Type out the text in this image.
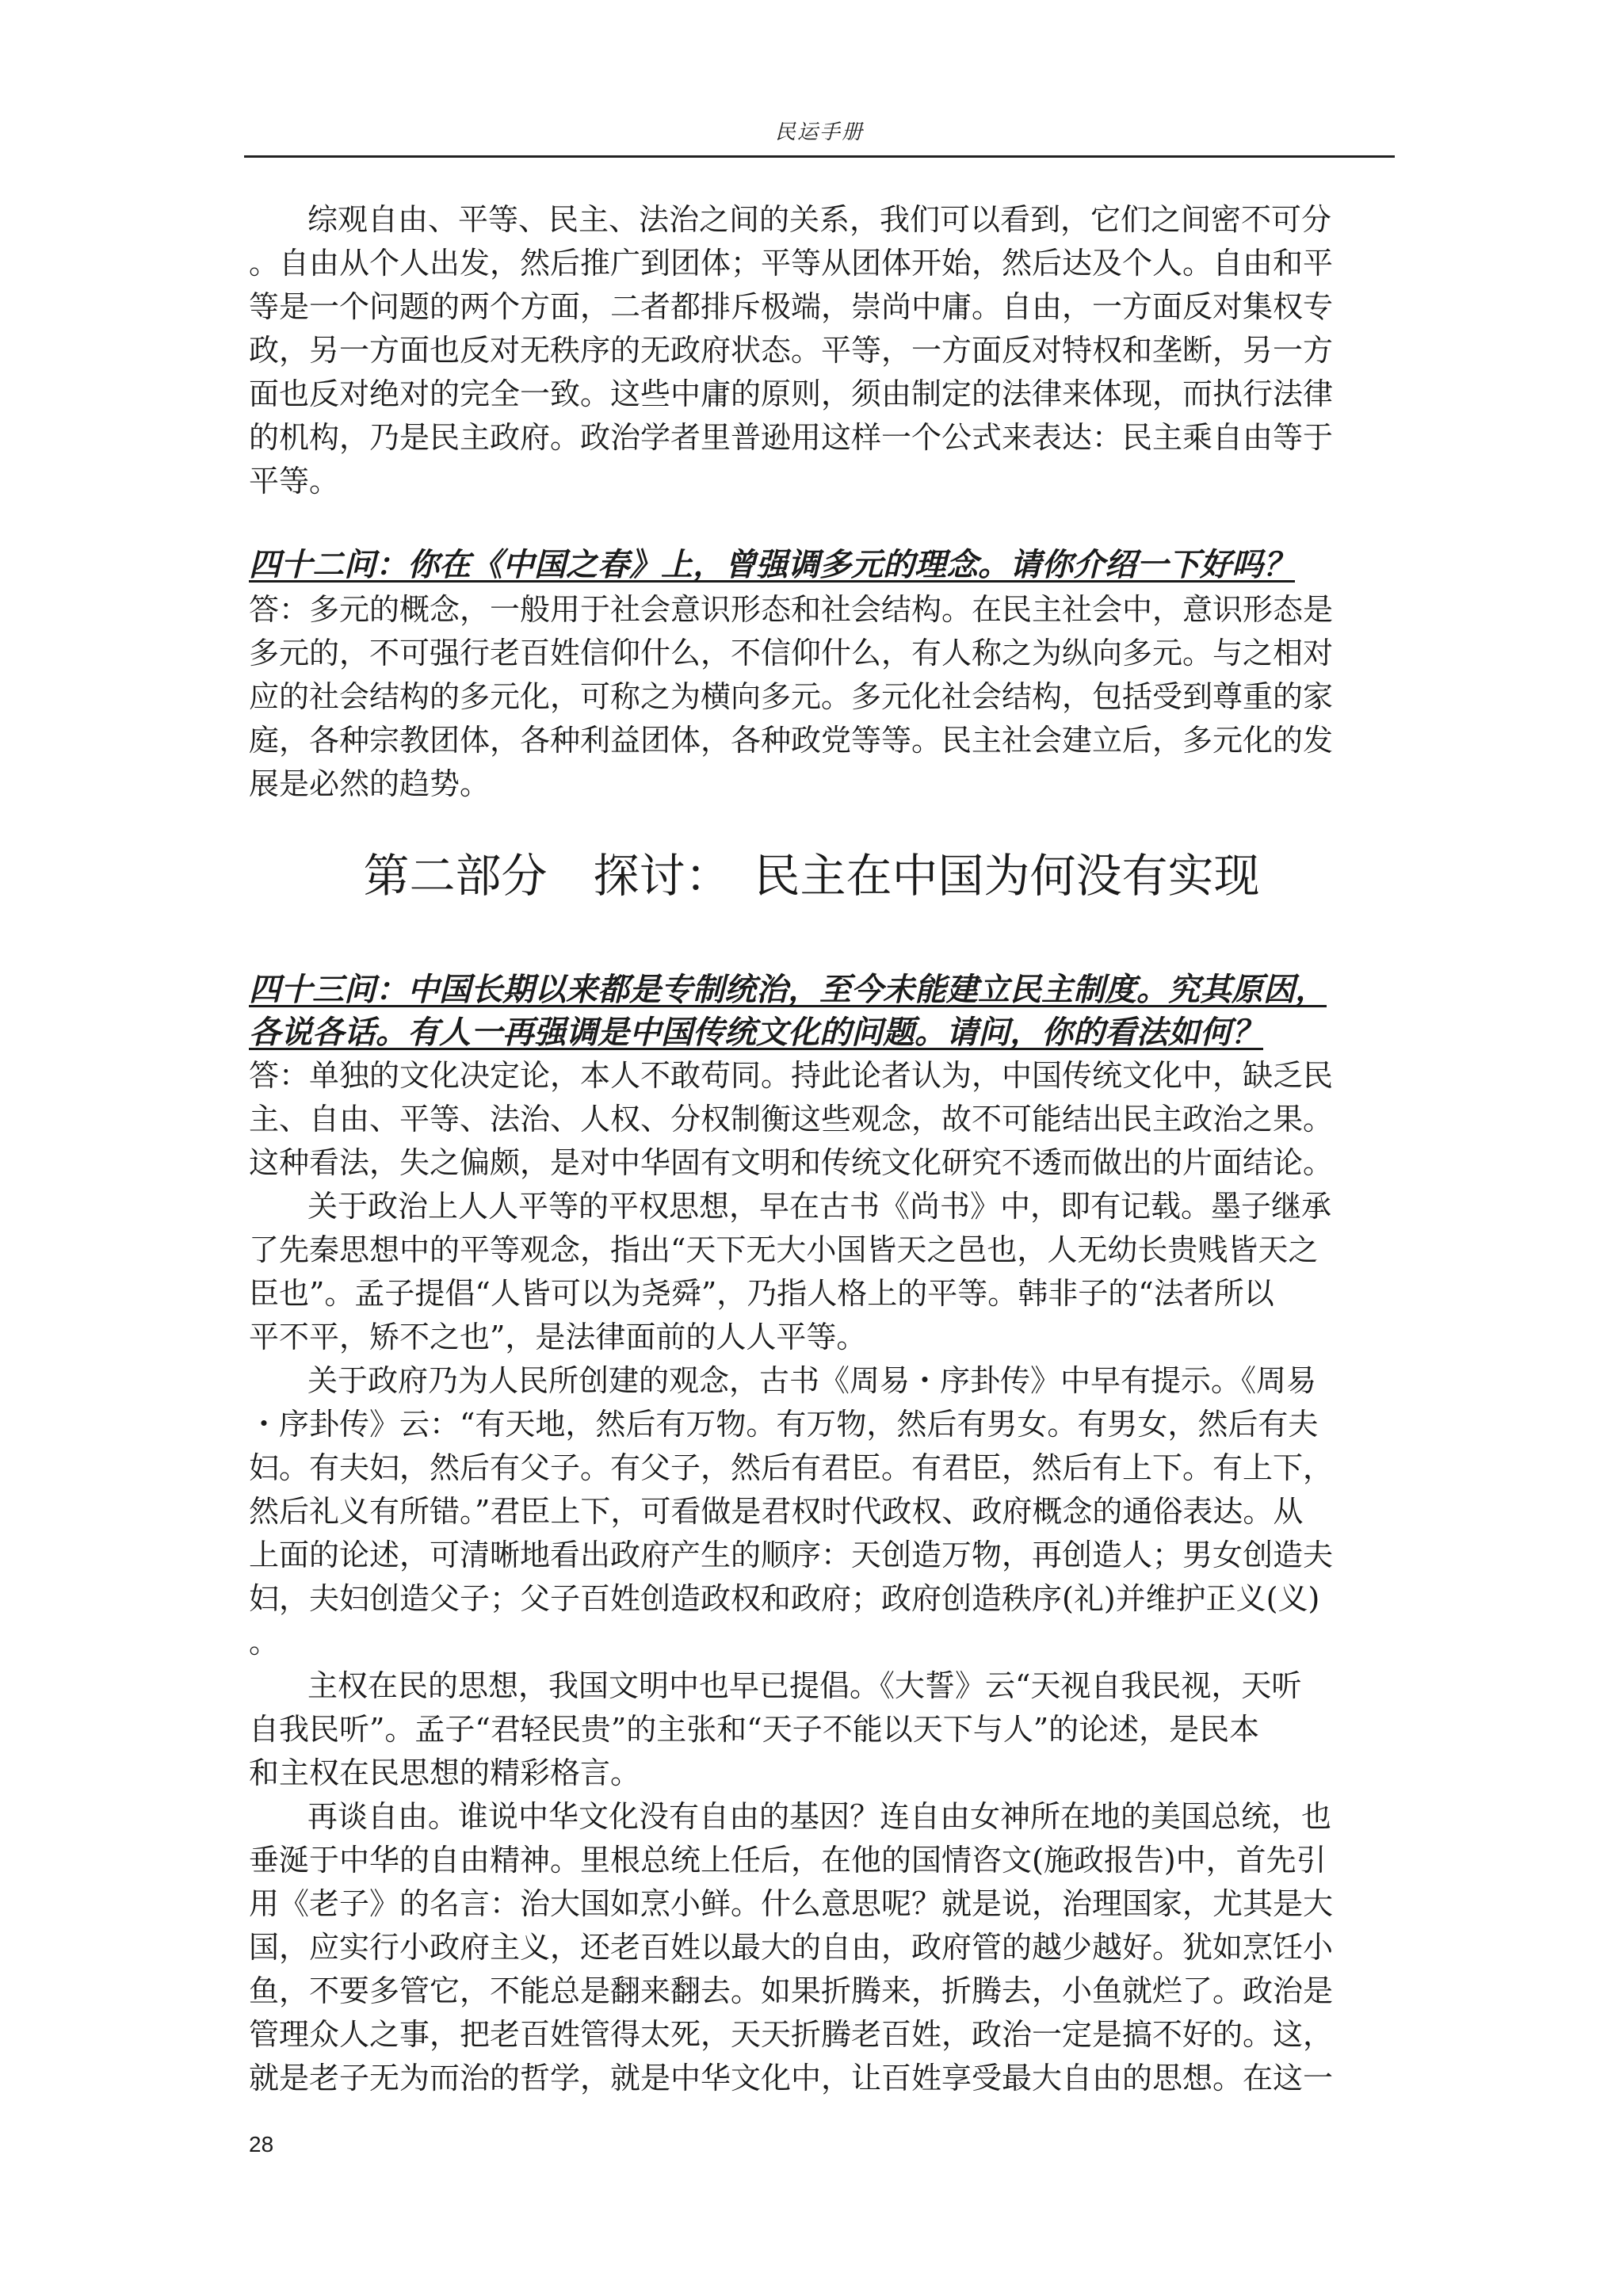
民运手册

综观自由、平等、民主、法治之间的关系，我们可以看到，它们之间密不可分

。自由从个人出发，然后推广到团体；平等从团体开始，然后达及个人。自由和平

等是一个问题的两个方面，二者都排斥极端，崇尚中庸。自由，一方面反对集权专

政，另一方面也反对无秩序的无政府状态。平等，一方面反对特权和垄断，另一方

面也反对绝对的完全一致。这些中庸的原则，须由制定的法律来体现，而执行法律

的机构，乃是民主政府。政治学者里普逊用这样一个公式来表达：民主乘自由等于

平等。

四十二问：你在《中国之春》上，曾强调多元的理念。请你介绍一下好吗？

答：多元的概念，一般用于社会意识形态和社会结构。在民主社会中，意识形态是

多元的，不可强行老百姓信仰什么，不信仰什么，有人称之为纵向多元。与之相对

应的社会结构的多元化，可称之为横向多元。多元化社会结构，包括受到尊重的家

庭，各种宗教团体，各种利益团体，各种政党等等。民主社会建立后，多元化的发

展是必然的趋势。

第二部分　探讨：　民主在中国为何没有实现
四十三问：中国长期以来都是专制统治，至今未能建立民主制度。究其原因，
各说各话。有人一再强调是中国传统文化的问题。请问，你的看法如何？

答：单独的文化决定论，本人不敢苟同。持此论者认为，中国传统文化中，缺乏民

主、自由、平等、法治、人权、分权制衡这些观念，故不可能结出民主政治之果。

这种看法，失之偏颇，是对中华固有文明和传统文化研究不透而做出的片面结论。

关于政治上人人平等的平权思想，早在古书《尚书》中，即有记载。墨子继承

了先秦思想中的平等观念，指出“天下无大小国皆天之邑也，人无幼长贵贱皆天之

臣也”。孟子提倡“人皆可以为尧舜”，乃指人格上的平等。韩非子的“法者所以

平不平，矫不之也”，是法律面前的人人平等。

关于政府乃为人民所创建的观念，古书《周易・序卦传》中早有提示。《周易

・序卦传》云：“有天地，然后有万物。有万物，然后有男女。有男女，然后有夫

妇。有夫妇，然后有父子。有父子，然后有君臣。有君臣，然后有上下。有上下，

然后礼义有所错。”君臣上下，可看做是君权时代政权、政府概念的通俗表达。从

上面的论述，可清晰地看出政府产生的顺序：天创造万物，再创造人；男女创造夫

妇，夫妇创造父子；父子百姓创造政权和政府；政府创造秩序(礼)并维护正义(义)

。

主权在民的思想，我国文明中也早已提倡。《大誓》云“天视自我民视，天听

自我民听”。孟子“君轻民贵”的主张和“天子不能以天下与人”的论述，是民本

和主权在民思想的精彩格言。

再谈自由。谁说中华文化没有自由的基因？连自由女神所在地的美国总统，也

垂涎于中华的自由精神。里根总统上任后，在他的国情咨文(施政报告)中，首先引

用《老子》的名言：治大国如烹小鲜。什么意思呢？就是说，治理国家，尤其是大

国，应实行小政府主义，还老百姓以最大的自由，政府管的越少越好。犹如烹饪小

鱼，不要多管它，不能总是翻来翻去。如果折腾来，折腾去，小鱼就烂了。政治是

管理众人之事，把老百姓管得太死，天天折腾老百姓，政治一定是搞不好的。这，

就是老子无为而治的哲学，就是中华文化中，让百姓享受最大自由的思想。在这一

28
